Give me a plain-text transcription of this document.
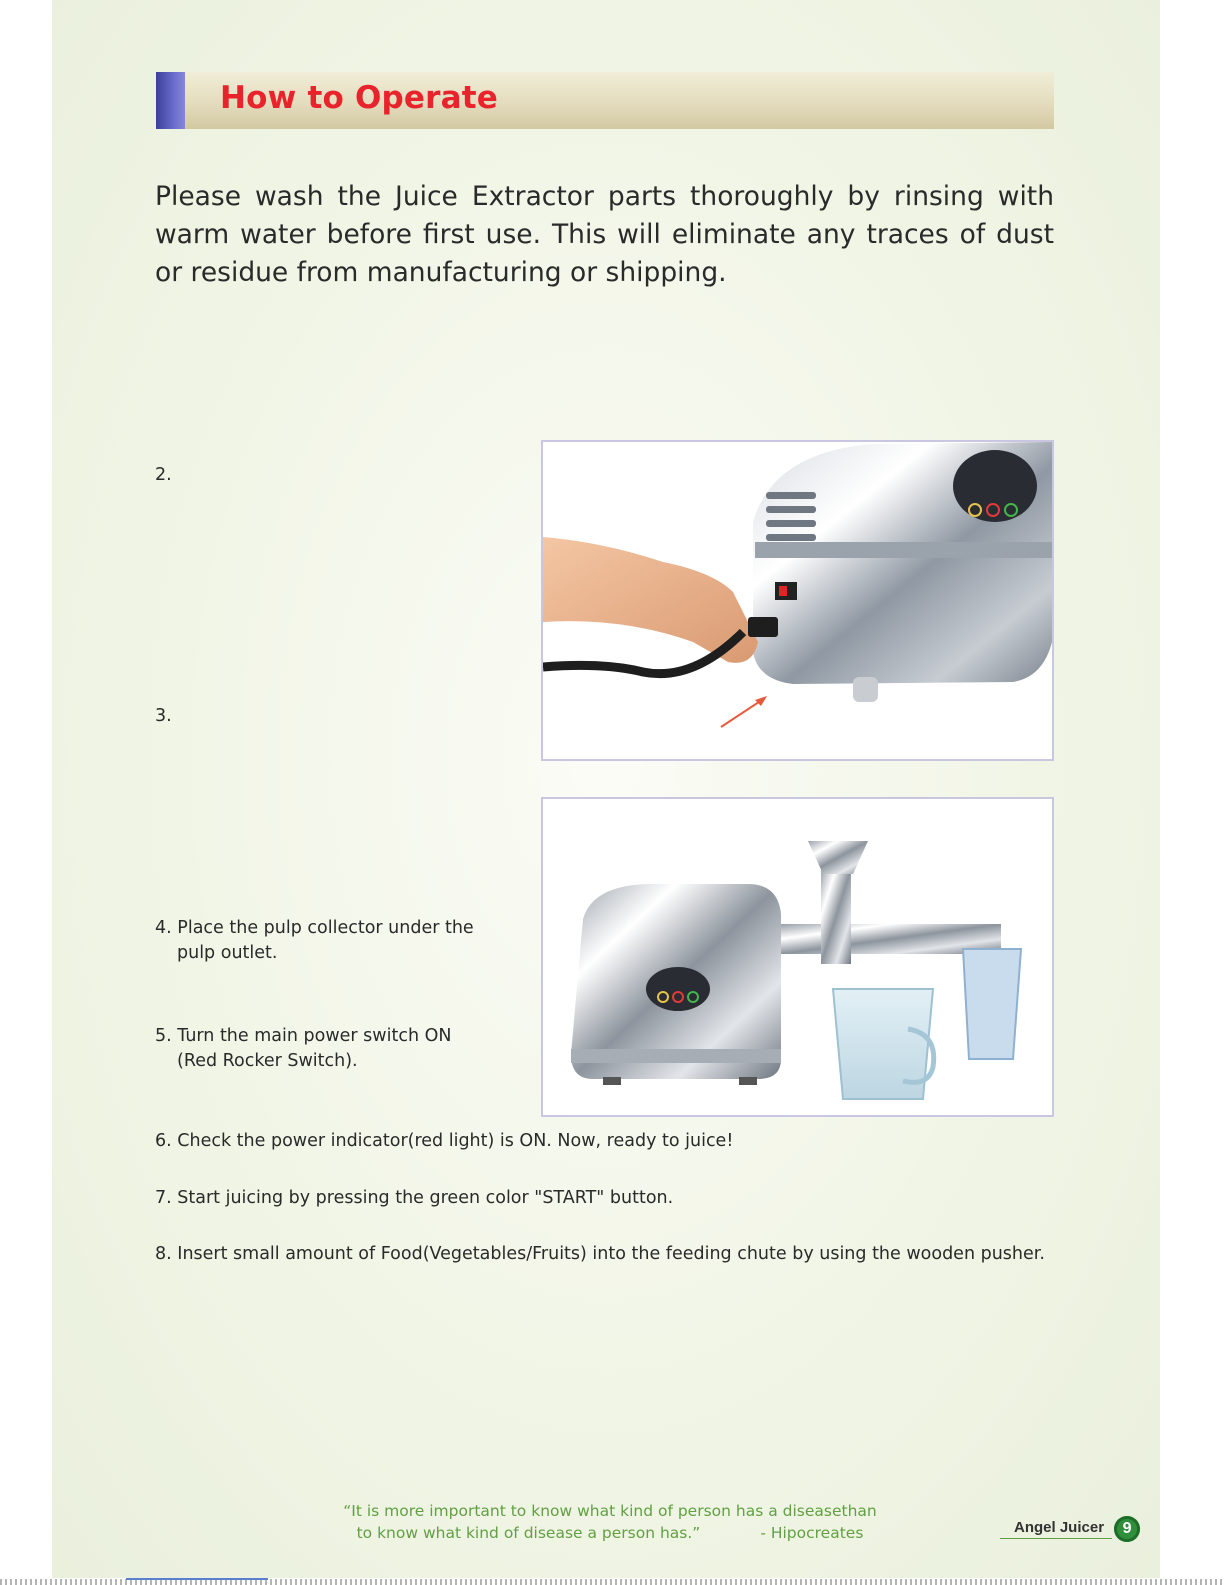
How to Operate
Please wash the Juice Extractor parts thoroughly by rinsing with warm water before first use. This will eliminate any traces of dust or residue from manufacturing or shipping.
2.
3.
4. Place the pulp collector under the
pulp outlet.
5. Turn the main power switch ON
(Red Rocker Switch).
6. Check the power indicator(red light) is ON. Now, ready to juice!
7. Start juicing by pressing the green color "START" button.
8. Insert small amount of Food(Vegetables/Fruits) into the feeding chute by using the wooden pusher.
“It is more important to know what kind of person has a diseasethan
to know what kind of disease a person has.”	- Hipocreates	Angel Juicer	9
